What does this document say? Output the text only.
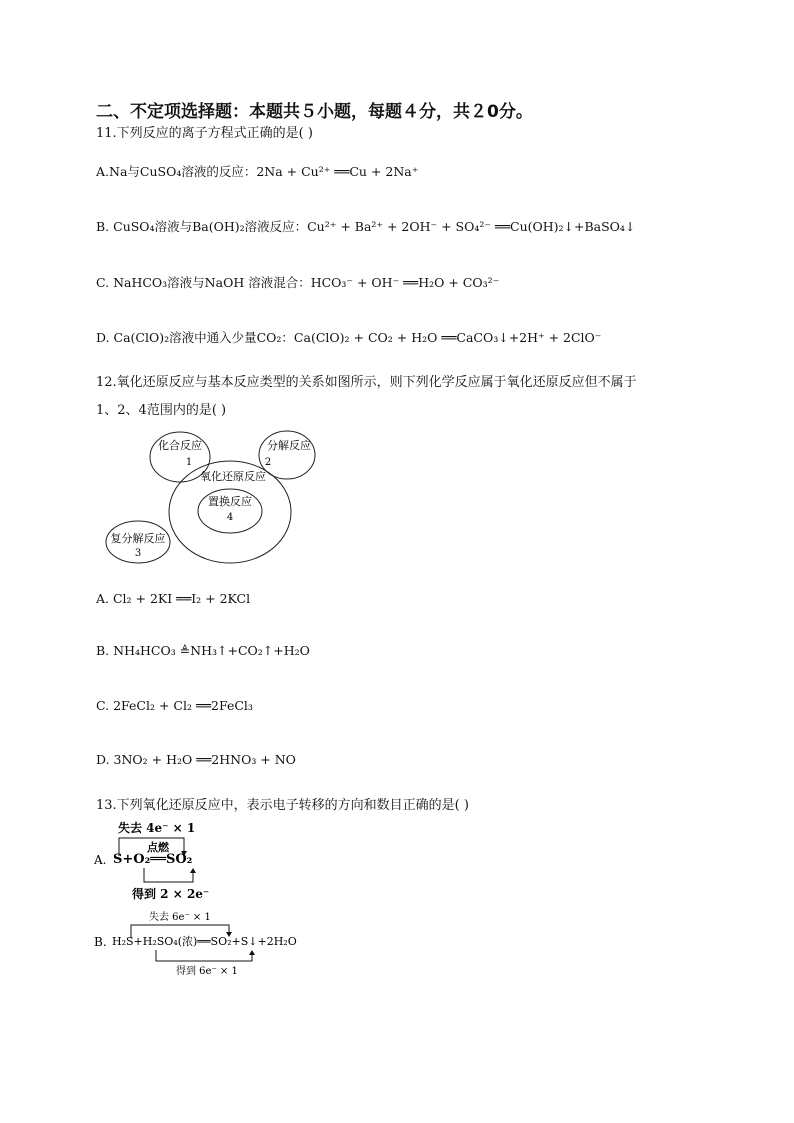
二、不定项选择题：本题共５小题，每题４分，共２0分。
11.下列反应的离子方程式正确的是( )
A.Na与CuSO₄溶液的反应：2Na + Cu²⁺ ══Cu + 2Na⁺
B. CuSO₄溶液与Ba(OH)₂溶液反应：Cu²⁺ + Ba²⁺ + 2OH⁻ + SO₄²⁻ ══Cu(OH)₂↓+BaSO₄↓
C. NaHCO₃溶液与NaOH 溶液混合：HCO₃⁻ + OH⁻ ══H₂O + CO₃²⁻
D. Ca(ClO)₂溶液中通入少量CO₂：Ca(ClO)₂ + CO₂ + H₂O ══CaCO₃↓+2H⁺ + 2ClO⁻
12.氧化还原反应与基本反应类型的关系如图所示，则下列化学反应属于氧化还原反应但不属于
1、2、4范围内的是( )
化合反应
1
分解反应
2
氧化还原反应
置换反应
4
复分解反应
3
A. Cl₂ + 2KI ══I₂ + 2KCl
B. NH₄HCO₃ ≜NH₃↑+CO₂↑+H₂O
C. 2FeCl₂ + Cl₂ ══2FeCl₃
D. 3NO₂ + H₂O ══2HNO₃ + NO
13.下列氧化还原反应中，表示电子转移的方向和数目正确的是( )
失去 4e⁻ × 1
A.
点燃
S+O₂══SO₂
得到 2 × 2e⁻
失去 6e⁻ × 1
B. H₂S+H₂SO₄(浓)══SO₂+S↓+2H₂O
得到 6e⁻ × 1
